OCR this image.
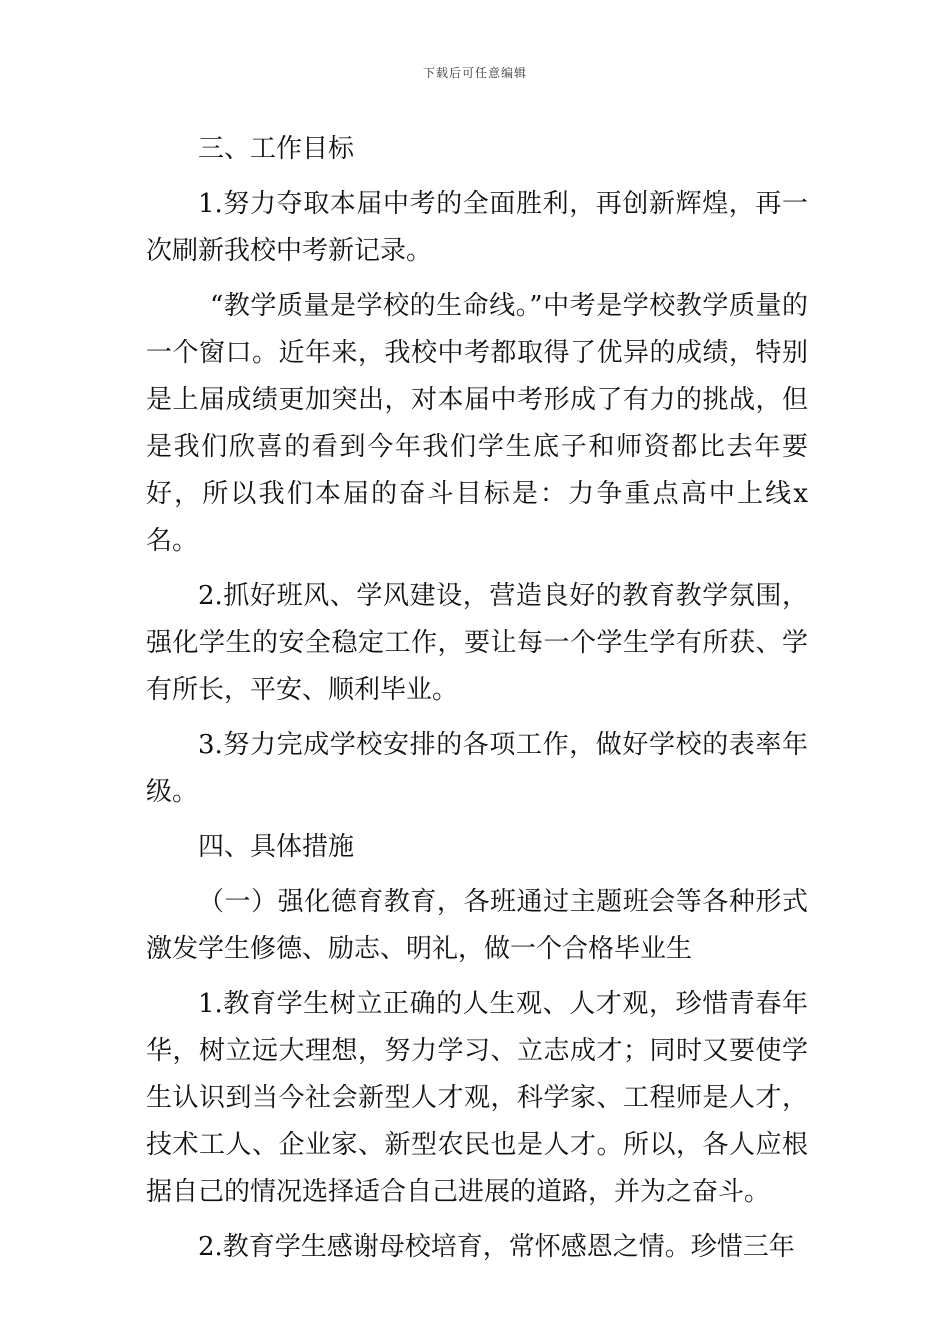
下载后可任意编辑

三、工作目标

1.努力夺取本届中考的全面胜利，再创新辉煌，再一次刷新我校中考新记录。

“教学质量是学校的生命线。”中考是学校教学质量的一个窗口。近年来，我校中考都取得了优异的成绩，特别是上届成绩更加突出，对本届中考形成了有力的挑战，但是我们欣喜的看到今年我们学生底子和师资都比去年要好，所以我们本届的奋斗目标是：力争重点高中上线x名。

2.抓好班风、学风建设，营造良好的教育教学氛围，强化学生的安全稳定工作，要让每一个学生学有所获、学有所长，平安、顺利毕业。

3.努力完成学校安排的各项工作，做好学校的表率年级。

四、具体措施

（一）强化德育教育，各班通过主题班会等各种形式激发学生修德、励志、明礼，做一个合格毕业生

1.教育学生树立正确的人生观、人才观，珍惜青春年华，树立远大理想，努力学习、立志成才；同时又要使学生认识到当今社会新型人才观，科学家、工程师是人才，技术工人、企业家、新型农民也是人才。所以，各人应根据自己的情况选择适合自己进展的道路，并为之奋斗。

2.教育学生感谢母校培育，常怀感恩之情。珍惜三年
